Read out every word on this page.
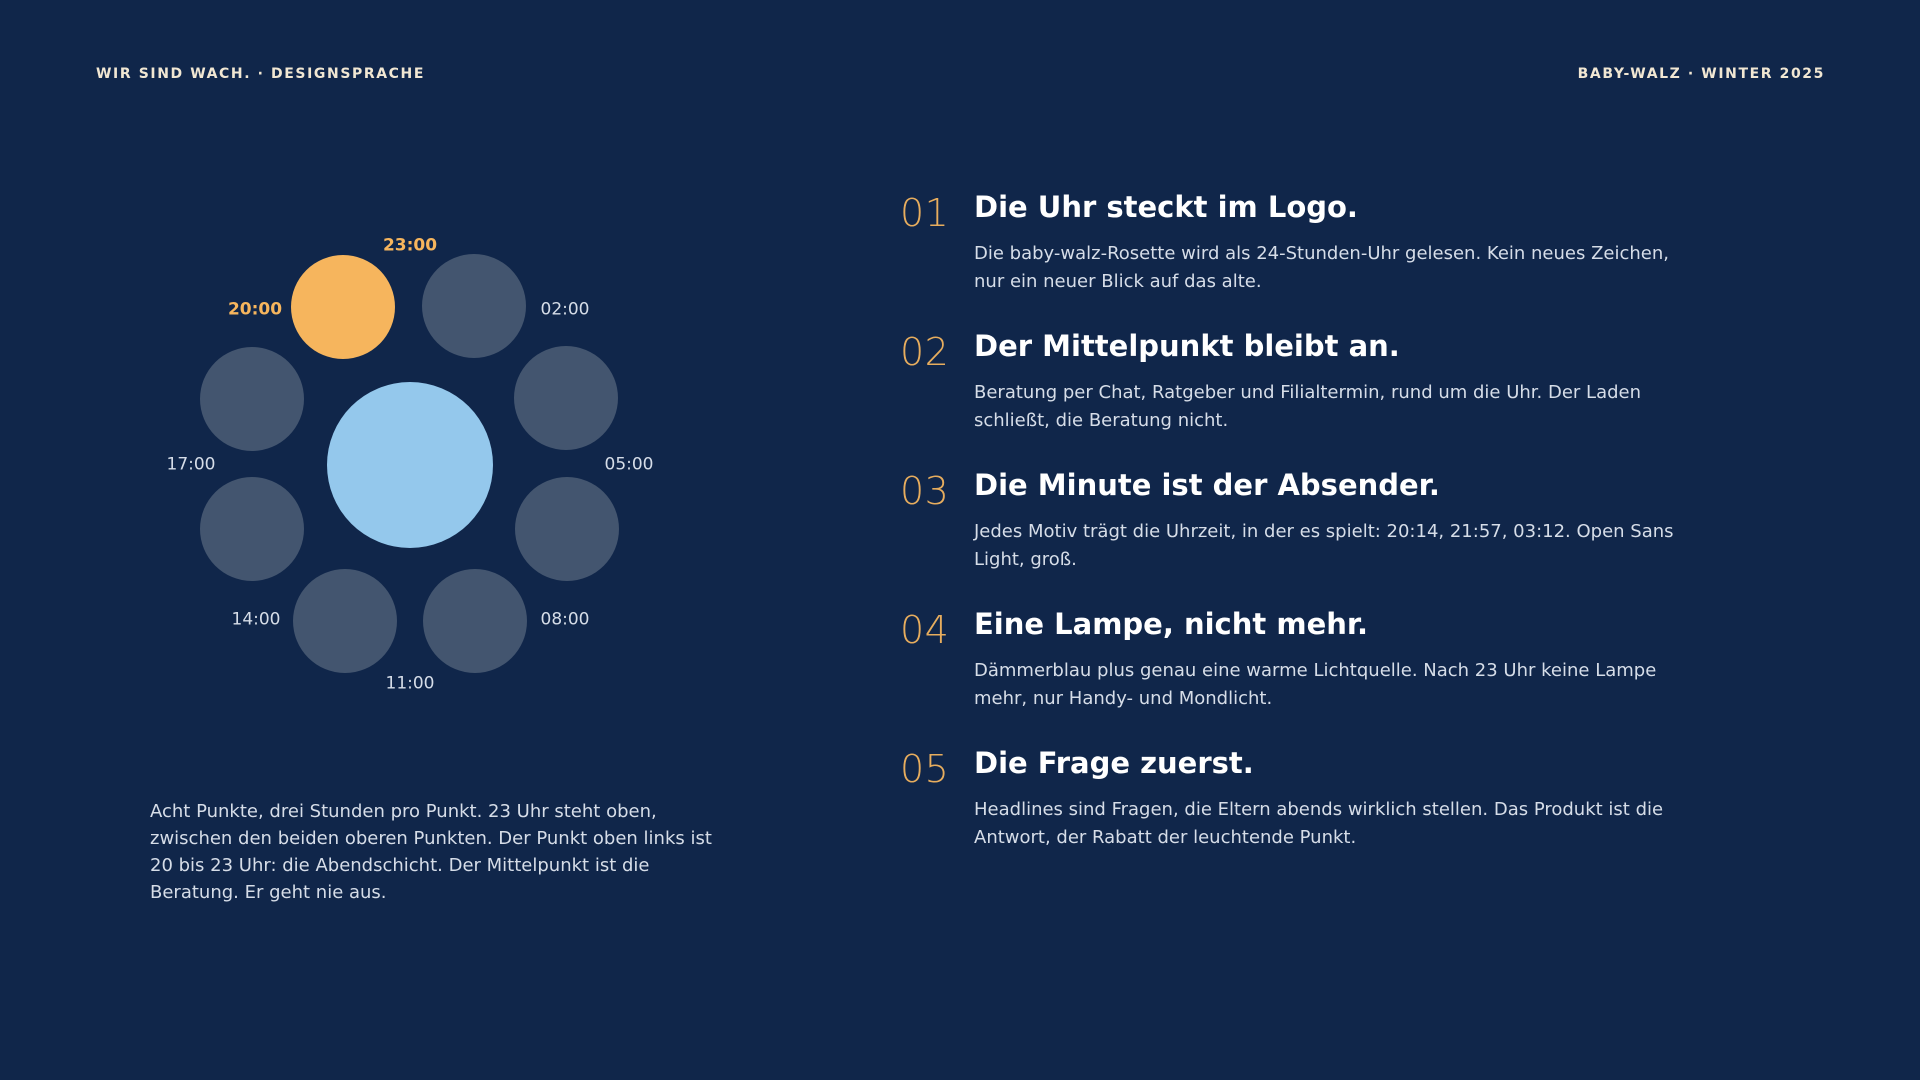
WIR SIND WACH. · DESIGNSPRACHE	BABY-WALZ · WINTER 2025
23:00
02:00
05:00
08:00
11:00
14:00
17:00
20:00
Acht Punkte, drei Stunden pro Punkt. 23 Uhr steht oben, zwischen den beiden oberen Punkten. Der Punkt oben links ist 20 bis 23 Uhr: die Abendschicht. Der Mittelpunkt ist die Beratung. Er geht nie aus.
01 Die Uhr steckt im Logo.
Die baby-walz-Rosette wird als 24-Stunden-Uhr gelesen. Kein neues Zeichen, nur ein neuer Blick auf das alte.
02 Der Mittelpunkt bleibt an.
Beratung per Chat, Ratgeber und Filialtermin, rund um die Uhr. Der Laden schließt, die Beratung nicht.
03 Die Minute ist der Absender.
Jedes Motiv trägt die Uhrzeit, in der es spielt: 20:14, 21:57, 03:12. Open Sans Light, groß.
04 Eine Lampe, nicht mehr.
Dämmerblau plus genau eine warme Lichtquelle. Nach 23 Uhr keine Lampe mehr, nur Handy- und Mondlicht.
05 Die Frage zuerst.
Headlines sind Fragen, die Eltern abends wirklich stellen. Das Produkt ist die Antwort, der Rabatt der leuchtende Punkt.
